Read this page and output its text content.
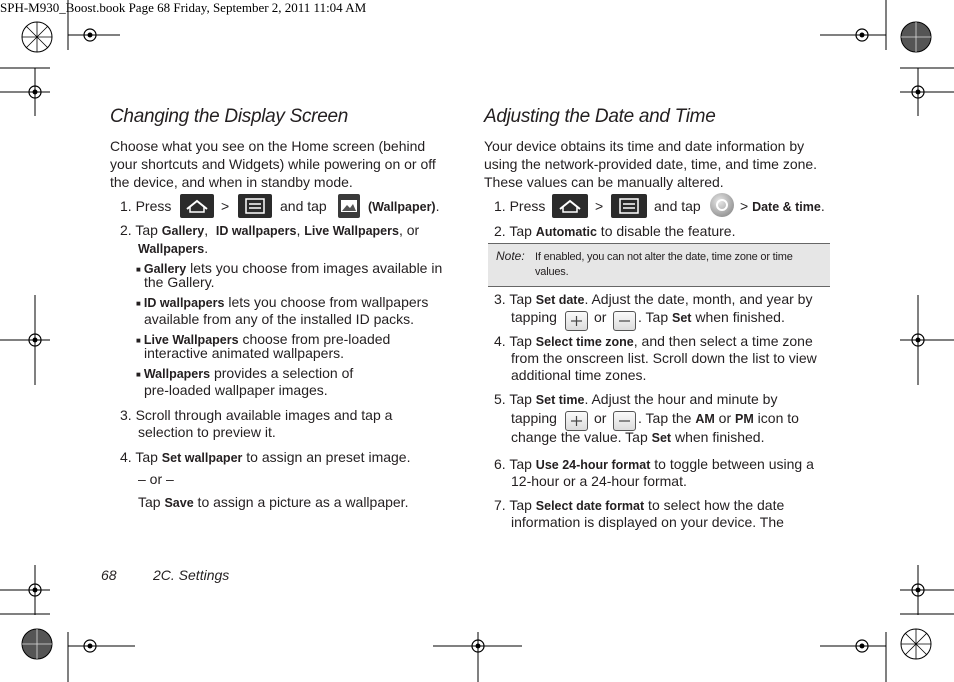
SPH-M930_Boost.book Page 68 Friday, September 2, 2011 11:04 AM
Changing the Display Screen
Choose what you see on the Home screen (behind
your shortcuts and Widgets) while powering on or off
the device, and when in standby mode.
1. Press	>	and tap	(Wallpaper).
2. Tap Gallery, ID wallpapers, Live Wallpapers, or
Wallpapers.
■ Gallery lets you choose from images available in
the Gallery.
■ ID wallpapers lets you choose from wallpapers
available from any of the installed ID packs.
■ Live Wallpapers choose from pre-loaded
interactive animated wallpapers.
■ Wallpapers provides a selection of
pre-loaded wallpaper images.
3. Scroll through available images and tap a
selection to preview it.
4. Tap Set wallpaper to assign an preset image.
– or –
Tap Save to assign a picture as a wallpaper.
Adjusting the Date and Time
Your device obtains its time and date information by
using the network-provided date, time, and time zone.
These values can be manually altered.
1. Press	>	and tap	> Date & time.
2. Tap Automatic to disable the feature.
Note: If enabled, you can not alter the date, time zone or time
values.
3. Tap Set date. Adjust the date, month, and year by
tapping	or . Tap Set when finished.
4. Tap Select time zone, and then select a time zone
from the onscreen list. Scroll down the list to view
additional time zones.
5. Tap Set time. Adjust the hour and minute by
tapping	or . Tap the AM or PM icon to
change the value. Tap Set when finished.
6. Tap Use 24-hour format to toggle between using a
12-hour or a 24-hour format.
7. Tap Select date format to select how the date
information is displayed on your device. The
68	2C. Settings
